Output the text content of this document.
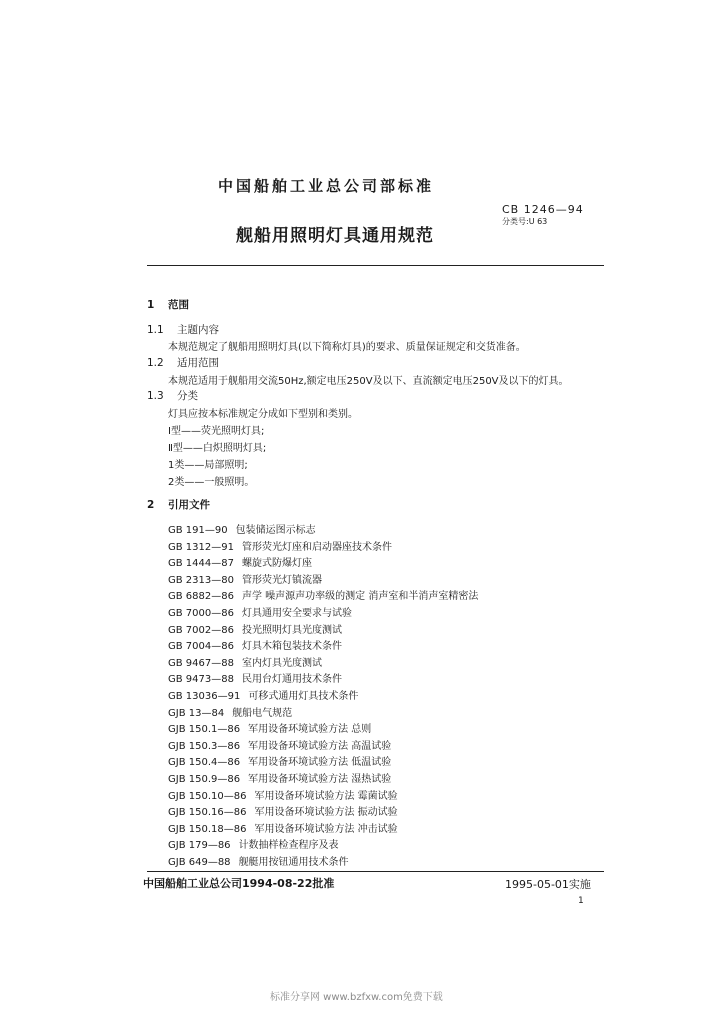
中国船舶工业总公司部标准
CB 1246—94
分类号:U 63
舰船用照明灯具通用规范
1 范围
1.1 主题内容
本规范规定了舰船用照明灯具(以下简称灯具)的要求、质量保证规定和交货准备。
1.2 适用范围
本规范适用于舰船用交流50Hz,额定电压250V及以下、直流额定电压250V及以下的灯具。
1.3 分类
灯具应按本标准规定分成如下型别和类别。
I型——荧光照明灯具;
Ⅱ型——白炽照明灯具;
1类——局部照明;
2类——一般照明。
2 引用文件
GB 191—90 包装储运图示标志
GB 1312—91 管形荧光灯座和启动器座技术条件
GB 1444—87 螺旋式防爆灯座
GB 2313—80 管形荧光灯镇流器
GB 6882—86 声学 噪声源声功率级的测定 消声室和半消声室精密法
GB 7000—86 灯具通用安全要求与试验
GB 7002—86 投光照明灯具光度测试
GB 7004—86 灯具木箱包装技术条件
GB 9467—88 室内灯具光度测试
GB 9473—88 民用台灯通用技术条件
GB 13036—91 可移式通用灯具技术条件
GJB 13—84 舰船电气规范
GJB 150.1—86 军用设备环境试验方法 总则
GJB 150.3—86 军用设备环境试验方法 高温试验
GJB 150.4—86 军用设备环境试验方法 低温试验
GJB 150.9—86 军用设备环境试验方法 湿热试验
GJB 150.10—86 军用设备环境试验方法 霉菌试验
GJB 150.16—86 军用设备环境试验方法 振动试验
GJB 150.18—86 军用设备环境试验方法 冲击试验
GJB 179—86 计数抽样检查程序及表
GJB 649—88 舰艇用按钮通用技术条件
中国船舶工业总公司1994-08-22批准	1995-05-01实施
1
标准分享网 www.bzfxw.com免费下载
